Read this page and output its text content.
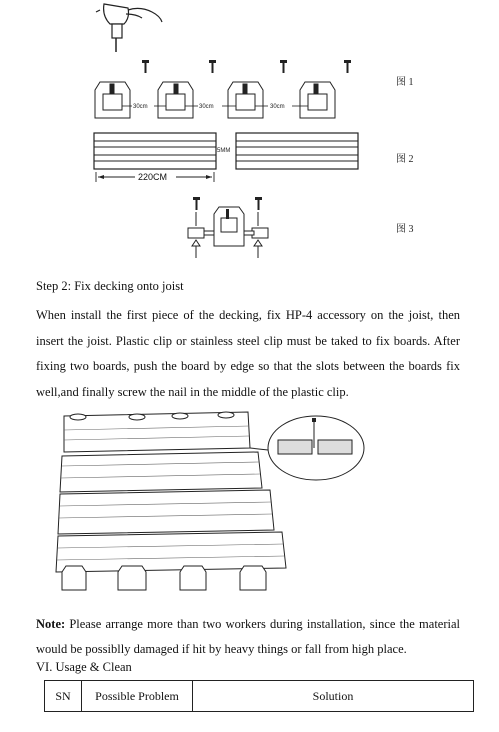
30cm	30cm	30cm
图 1
220CM
5MM
图 2
图 3
Step 2: Fix decking onto joist
When install the first piece of the decking, fix HP-4 accessory on the joist, then insert the joist. Plastic clip or stainless steel clip must be taked to fix boards. After fixing two boards, push the board by edge so that the slots between the boards fix well,and finally screw the nail in the middle of the plastic clip.
Note: Please arrange more than two workers during installation, since the material would be possiblly damaged if hit by heavy things or fall from high place.
VI. Usage & Clean
SN	Possible Problem	Solution
